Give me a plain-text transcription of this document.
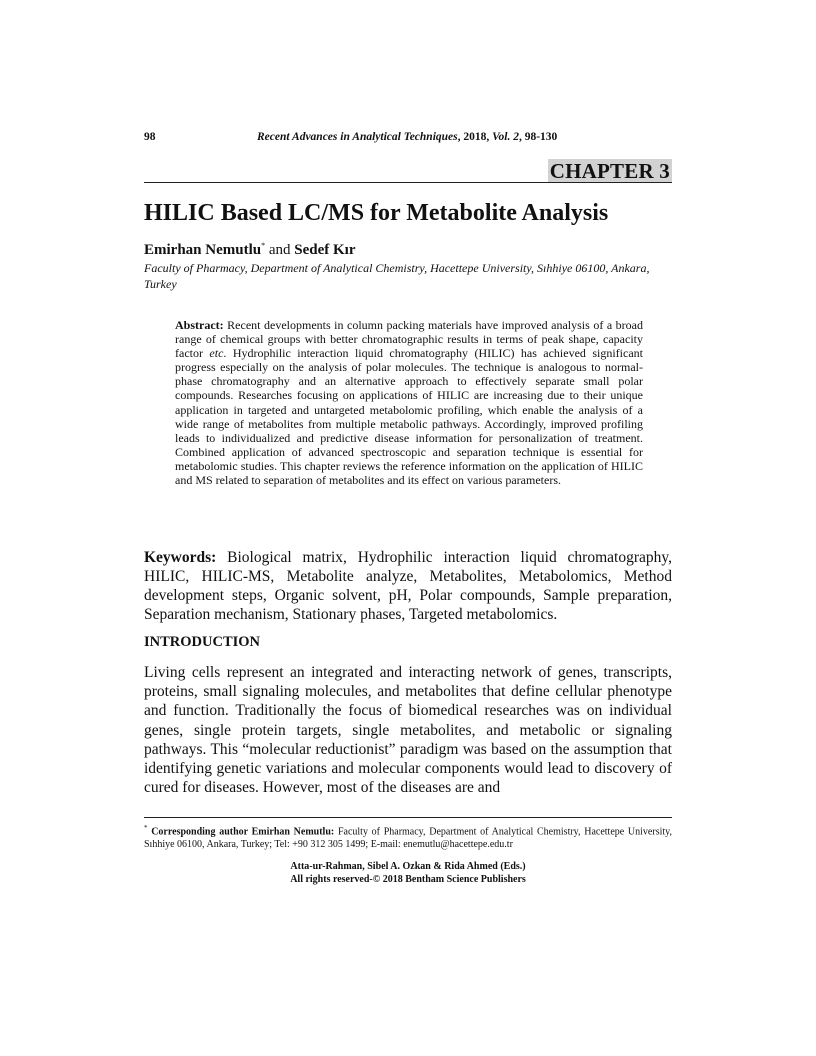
98	Recent Advances in Analytical Techniques, 2018, Vol. 2, 98-130
CHAPTER 3
HILIC Based LC/MS for Metabolite Analysis
Emirhan Nemutlu* and Sedef Kır
Faculty of Pharmacy, Department of Analytical Chemistry, Hacettepe University, Sıhhiye 06100, Ankara, Turkey
Abstract: Recent developments in column packing materials have improved analysis of a broad range of chemical groups with better chromatographic results in terms of peak shape, capacity factor etc. Hydrophilic interaction liquid chromatography (HILIC) has achieved significant progress especially on the analysis of polar molecules. The technique is analogous to normal-phase chromatography and an alternative approach to effectively separate small polar compounds. Researches focusing on applications of HILIC are increasing due to their unique application in targeted and untargeted metabolomic profiling, which enable the analysis of a wide range of metabolites from multiple metabolic pathways. Accordingly, improved profiling leads to individualized and predictive disease information for personalization of treatment. Combined application of advanced spectroscopic and separation technique is essential for metabolomic studies. This chapter reviews the reference information on the application of HILIC and MS related to separation of metabolites and its effect on various parameters.
Keywords: Biological matrix, Hydrophilic interaction liquid chromatography, HILIC, HILIC-MS, Metabolite analyze, Metabolites, Metabolomics, Method development steps, Organic solvent, pH, Polar compounds, Sample preparation, Separation mechanism, Stationary phases, Targeted metabolomics.
INTRODUCTION
Living cells represent an integrated and interacting network of genes, transcripts, proteins, small signaling molecules, and metabolites that define cellular phenotype and function. Traditionally the focus of biomedical researches was on individual genes, single protein targets, single metabolites, and metabolic or signaling pathways. This “molecular reductionist” paradigm was based on the assumption that identifying genetic variations and molecular components would lead to discovery of cured for diseases. However, most of the diseases are and
* Corresponding author Emirhan Nemutlu: Faculty of Pharmacy, Department of Analytical Chemistry, Hacettepe University, Sıhhiye 06100, Ankara, Turkey; Tel: +90 312 305 1499; E-mail: enemutlu@hacettepe.edu.tr
Atta-ur-Rahman, Sibel A. Ozkan & Rida Ahmed (Eds.)
All rights reserved-© 2018 Bentham Science Publishers
